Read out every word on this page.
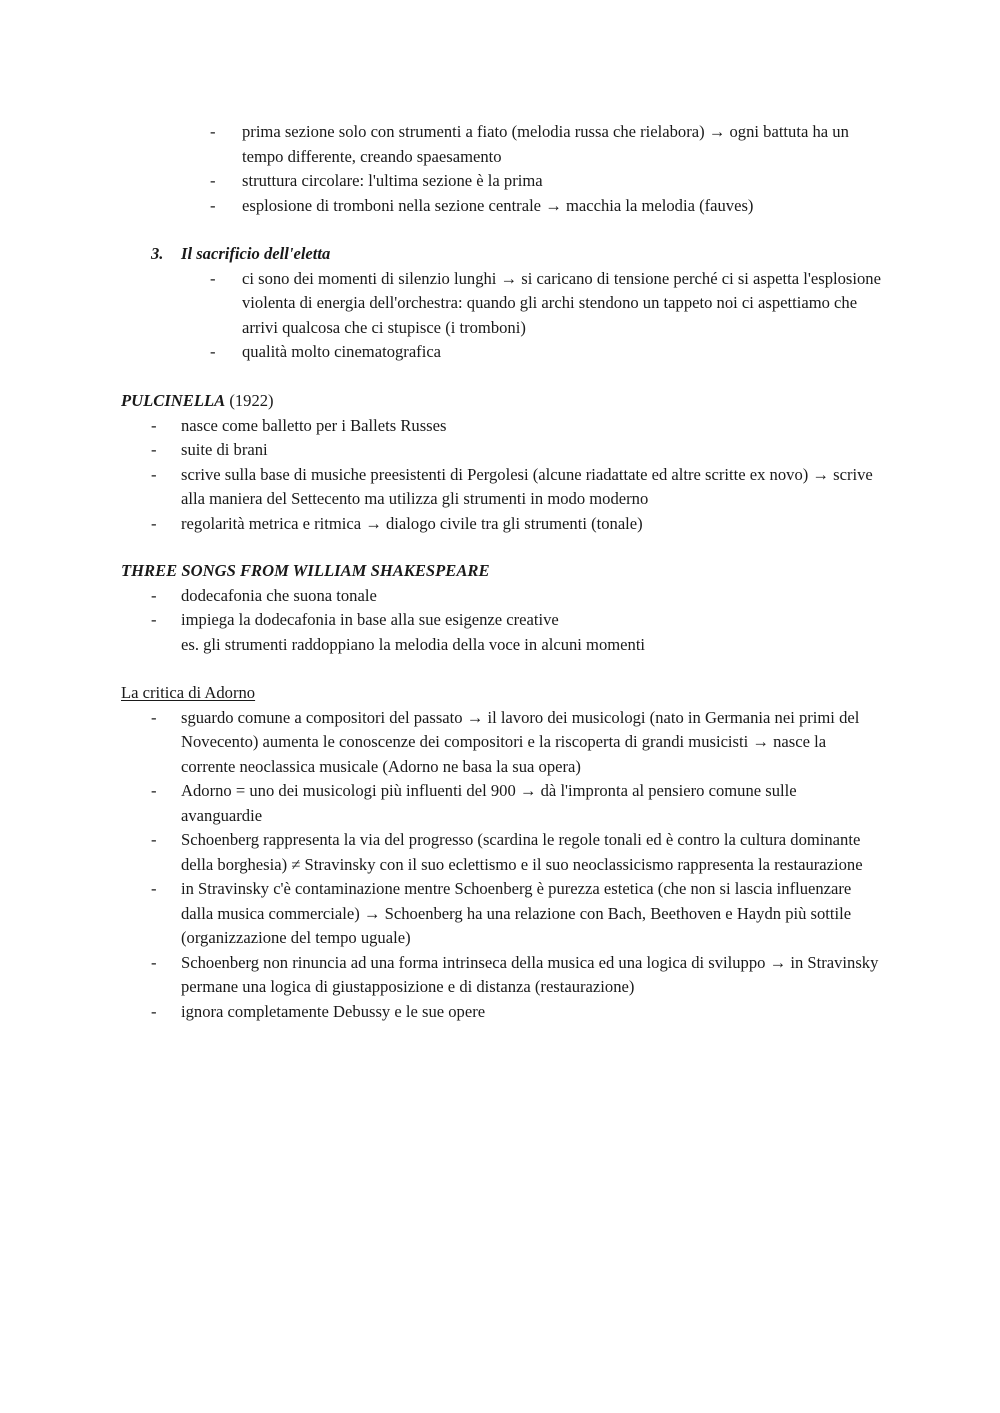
- prima sezione solo con strumenti a fiato (melodia russa che rielabora) → ogni battuta ha un tempo differente, creando spaesamento
- struttura circolare: l'ultima sezione è la prima
- esplosione di tromboni nella sezione centrale → macchia la melodia (fauves)
3. Il sacrificio dell'eletta
- ci sono dei momenti di silenzio lunghi → si caricano di tensione perché ci si aspetta l'esplosione violenta di energia dell'orchestra: quando gli archi stendono un tappeto noi ci aspettiamo che arrivi qualcosa che ci stupisce (i tromboni)
- qualità molto cinematografica
PULCINELLA (1922)
- nasce come balletto per i Ballets Russes
- suite di brani
- scrive sulla base di musiche preesistenti di Pergolesi (alcune riadattate ed altre scritte ex novo) → scrive alla maniera del Settecento ma utilizza gli strumenti in modo moderno
- regolarità metrica e ritmica → dialogo civile tra gli strumenti (tonale)
THREE SONGS FROM WILLIAM SHAKESPEARE
- dodecafonia che suona tonale
- impiega la dodecafonia in base alla sue esigenze creative
es. gli strumenti raddoppiano la melodia della voce in alcuni momenti
La critica di Adorno
- sguardo comune a compositori del passato → il lavoro dei musicologi (nato in Germania nei primi del Novecento) aumenta le conoscenze dei compositori e la riscoperta di grandi musicisti → nasce la corrente neoclassica musicale (Adorno ne basa la sua opera)
- Adorno = uno dei musicologi più influenti del 900 → dà l'impronta al pensiero comune sulle avanguardie
- Schoenberg rappresenta la via del progresso (scardina le regole tonali ed è contro la cultura dominante della borghesia) ≠ Stravinsky con il suo eclettismo e il suo neoclassicismo rappresenta la restaurazione
- in Stravinsky c'è contaminazione mentre Schoenberg è purezza estetica (che non si lascia influenzare dalla musica commerciale) → Schoenberg ha una relazione con Bach, Beethoven e Haydn più sottile (organizzazione del tempo uguale)
- Schoenberg non rinuncia ad una forma intrinseca della musica ed una logica di sviluppo → in Stravinsky permane una logica di giustapposizione e di distanza (restaurazione)
- ignora completamente Debussy e le sue opere
